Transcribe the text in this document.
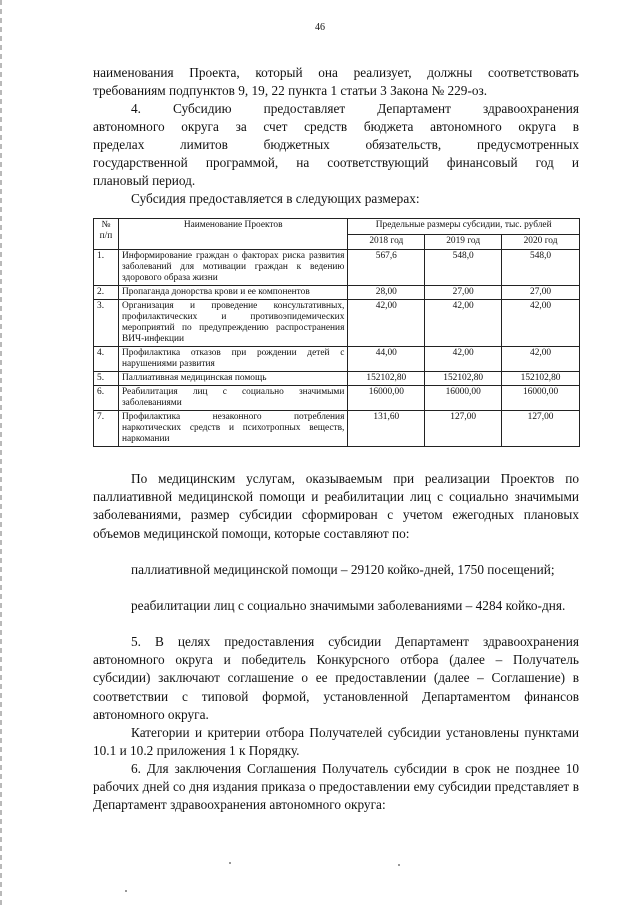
46

наименования Проекта, который она реализует, должны соответствовать

требованиям подпунктов 9, 19, 22 пункта 1 статьи 3 Закона № 229-оз.

4. Субсидию предоставляет Департамент здравоохранения

автономного округа за счет средств бюджета автономного округа в

пределах лимитов бюджетных обязательств, предусмотренных

государственной программой, на соответствующий финансовый год и

плановый период.

Субсидия предоставляется в следующих размерах:

№ п/п	Наименование Проектов	Предельные размеры субсидии, тыс. рублей		
		2018 год	2019 год	2020 год
1.	Информирование граждан о факторах риска развития заболеваний для мотивации граждан к ведению здорового образа жизни	567,6	548,0	548,0
2.	Пропаганда донорства крови и ее компонентов	28,00	27,00	27,00
3.	Организация и проведение консультативных, профилактических и противоэпидемических мероприятий по предупреждению распространения ВИЧ-инфекции	42,00	42,00	42,00
4.	Профилактика отказов при рождении детей с нарушениями развития	44,00	42,00	42,00
5.	Паллиативная медицинская помощь	152102,80	152102,80	152102,80
6.	Реабилитация лиц с социально значимыми заболеваниями	16000,00	16000,00	16000,00
7.	Профилактика незаконного потребления наркотических средств и психотропных веществ, наркомании	131,60	127,00	127,00

По медицинским услугам, оказываемым при реализации Проектов по паллиативной медицинской помощи и реабилитации лиц с социально значимыми заболеваниями, размер субсидии сформирован с учетом ежегодных плановых объемов медицинской помощи, которые составляют по:

паллиативной медицинской помощи – 29120 койко-дней, 1750 посещений;

реабилитации лиц с социально значимыми заболеваниями – 4284 койко-дня.

5. В целях предоставления субсидии Департамент здравоохранения автономного округа и победитель Конкурсного отбора (далее – Получатель субсидии) заключают соглашение о ее предоставлении (далее – Соглашение) в соответствии с типовой формой, установленной Департаментом финансов автономного округа.

Категории и критерии отбора Получателей субсидии установлены пунктами 10.1 и 10.2 приложения 1 к Порядку.

6. Для заключения Соглашения Получатель субсидии в срок не позднее 10 рабочих дней со дня издания приказа о предоставлении ему субсидии представляет в Департамент здравоохранения автономного округа:
